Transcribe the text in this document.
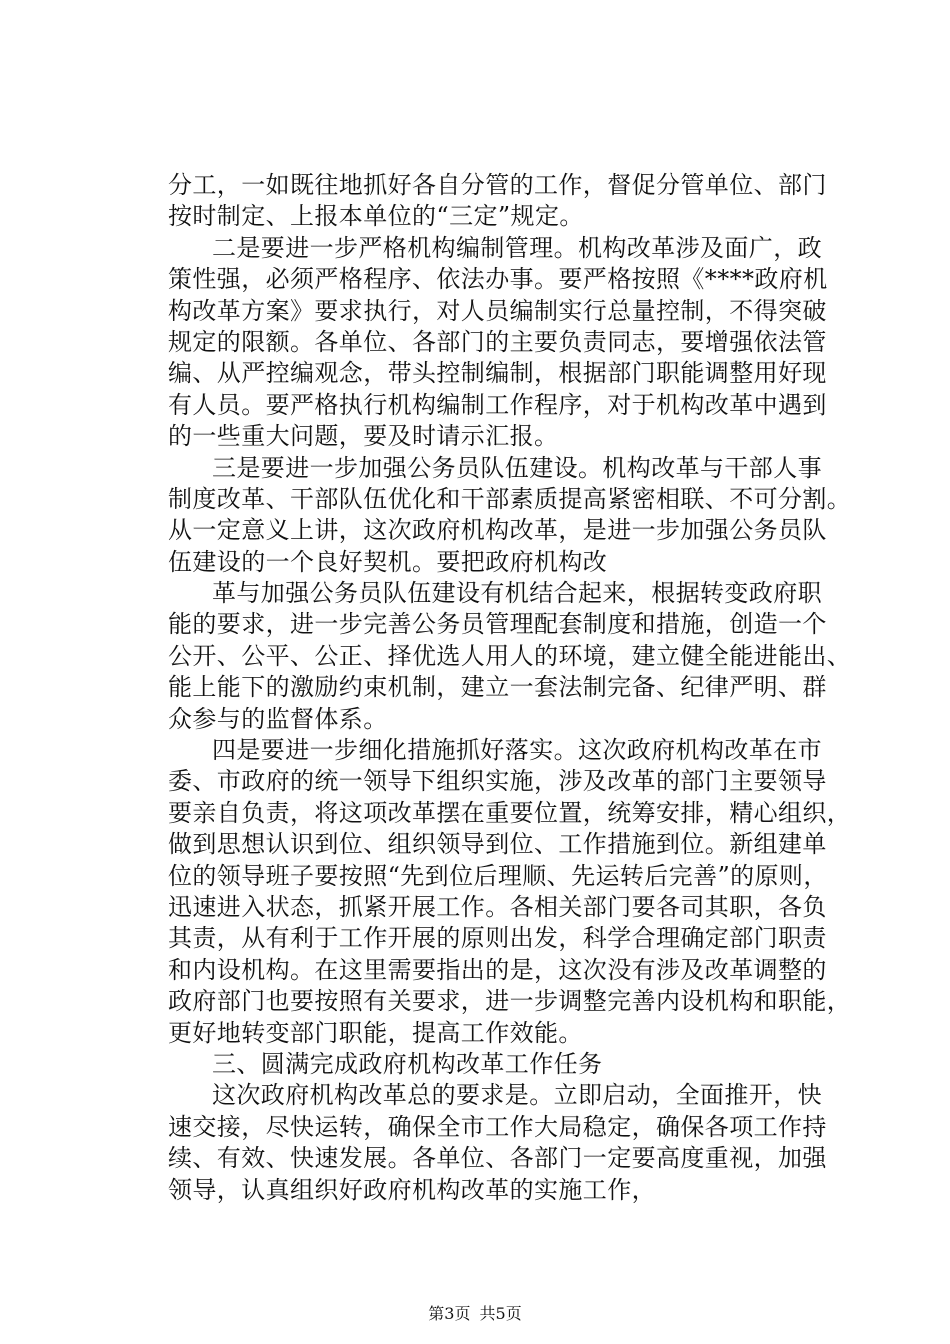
分工，一如既往地抓好各自分管的工作，督促分管单位、部门
按时制定、上报本单位的“三定”规定。
二是要进一步严格机构编制管理。机构改革涉及面广，政
策性强，必须严格程序、依法办事。要严格按照《****政府机
构改革方案》要求执行，对人员编制实行总量控制，不得突破
规定的限额。各单位、各部门的主要负责同志，要增强依法管
编、从严控编观念，带头控制编制，根据部门职能调整用好现
有人员。要严格执行机构编制工作程序，对于机构改革中遇到
的一些重大问题，要及时请示汇报。
三是要进一步加强公务员队伍建设。机构改革与干部人事
制度改革、干部队伍优化和干部素质提高紧密相联、不可分割。
从一定意义上讲，这次政府机构改革，是进一步加强公务员队
伍建设的一个良好契机。要把政府机构改
革与加强公务员队伍建设有机结合起来，根据转变政府职
能的要求，进一步完善公务员管理配套制度和措施，创造一个
公开、公平、公正、择优选人用人的环境，建立健全能进能出、
能上能下的激励约束机制，建立一套法制完备、纪律严明、群
众参与的监督体系。
四是要进一步细化措施抓好落实。这次政府机构改革在市
委、市政府的统一领导下组织实施，涉及改革的部门主要领导
要亲自负责，将这项改革摆在重要位置，统筹安排，精心组织，
做到思想认识到位、组织领导到位、工作措施到位。新组建单
位的领导班子要按照“先到位后理顺、先运转后完善”的原则，
迅速进入状态，抓紧开展工作。各相关部门要各司其职，各负
其责，从有利于工作开展的原则出发，科学合理确定部门职责
和内设机构。在这里需要指出的是，这次没有涉及改革调整的
政府部门也要按照有关要求，进一步调整完善内设机构和职能，
更好地转变部门职能，提高工作效能。
三、圆满完成政府机构改革工作任务
这次政府机构改革总的要求是。立即启动，全面推开，快
速交接，尽快运转，确保全市工作大局稳定，确保各项工作持
续、有效、快速发展。各单位、各部门一定要高度重视，加强
领导，认真组织好政府机构改革的实施工作，
第3页 共5页
